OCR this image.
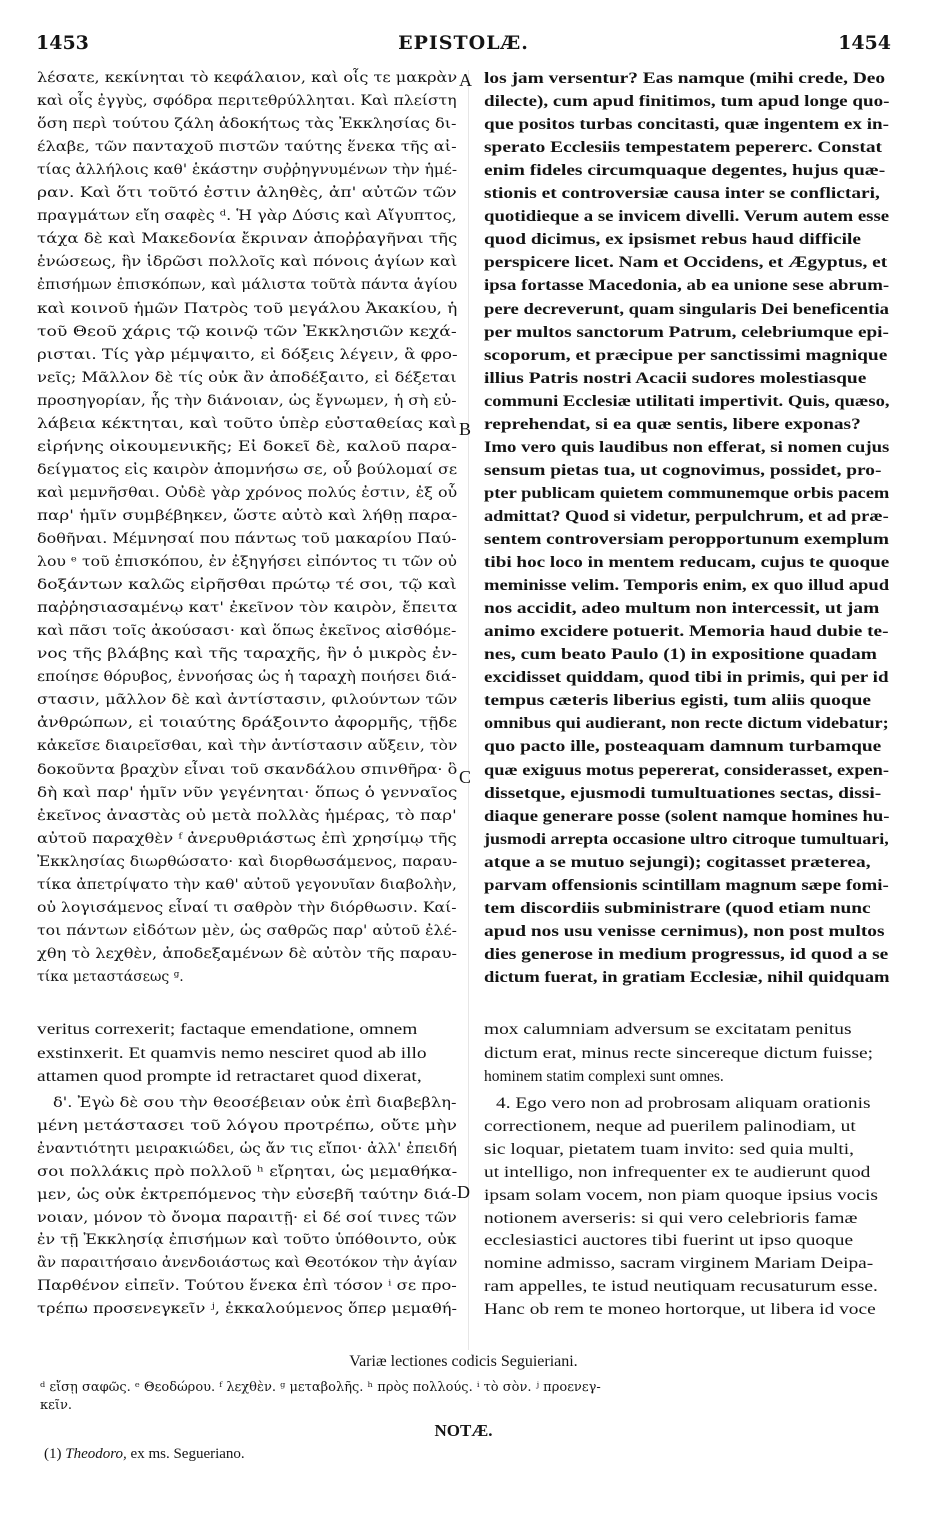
1453	EPISTOLÆ.	1454
λέσατε, κεκίνηται τὸ κεφάλαιον, καὶ οἷς τε μακρὰν
καὶ οἷς ἐγγὺς, σφόδρα περιτεθρύλληται. Καὶ πλείστη
ὅση περὶ τούτου ζάλη ἀδοκήτως τὰς Ἐκκλησίας δι-
έλαβε, τῶν πανταχοῦ πιστῶν ταύτης ἕνεκα τῆς αἰ-
τίας ἀλλήλοις καθ' ἑκάστην συῤῥηγνυμένων τὴν ἡμέ-
ραν. Καὶ ὅτι τοῦτό ἐστιν ἀληθὲς, ἀπ' αὐτῶν τῶν
πραγμάτων εἴη σαφὲς ᵈ. Ἡ γὰρ Δύσις καὶ Αἴγυπτος,
τάχα δὲ καὶ Μακεδονία ἔκριναν ἀποῤῥαγῆναι τῆς
ἑνώσεως, ἣν ἱδρῶσι πολλοῖς καὶ πόνοις ἁγίων καὶ
ἐπισήμων ἐπισκόπων, καὶ μάλιστα τοῦτὰ πάντα ἁγίου
καὶ κοινοῦ ἡμῶν Πατρὸς τοῦ μεγάλου Ἀκακίου, ἡ
τοῦ Θεοῦ χάρις τῷ κοινῷ τῶν Ἐκκλησιῶν κεχά-
ρισται. Τίς γὰρ μέμψαιτο, εἰ δόξεις λέγειν, ἃ φρο-
νεῖς; Μᾶλλον δὲ τίς οὐκ ἂν ἀποδέξαιτο, εἰ δέξεται
προσηγορίαν, ἧς τὴν διάνοιαν, ὡς ἔγνωμεν, ἡ σὴ εὐ-
λάβεια κέκτηται, καὶ τοῦτο ὑπὲρ εὐσταθείας καὶ
εἰρήνης οἰκουμενικῆς; Εἰ δοκεῖ δὲ, καλοῦ παρα-
δείγματος εἰς καιρὸν ἀπομνήσω σε, οὗ βούλομαί σε
καὶ μεμνῆσθαι. Οὐδὲ γὰρ χρόνος πολύς ἐστιν, ἐξ οὗ
παρ' ἡμῖν συμβέβηκεν, ὥστε αὐτὸ καὶ λήθῃ παρα-
δοθῆναι. Μέμνησαί που πάντως τοῦ μακαρίου Παύ-
λου ᵉ τοῦ ἐπισκόπου, ἐν ἐξηγήσει εἰπόντος τι τῶν οὐ
δοξάντων καλῶς εἰρῆσθαι πρώτῳ τέ σοι, τῷ καὶ
παῤῥησιασαμένῳ κατ' ἐκεῖνον τὸν καιρὸν, ἔπειτα
καὶ πᾶσι τοῖς ἀκούσασι· καὶ ὅπως ἐκεῖνος αἰσθόμε-
νος τῆς βλάβης καὶ τῆς ταραχῆς, ἣν ὁ μικρὸς ἐν-
εποίησε θόρυβος, ἐννοήσας ὡς ἡ ταραχὴ ποιήσει διά-
στασιν, μᾶλλον δὲ καὶ ἀντίστασιν, φιλούντων τῶν
ἀνθρώπων, εἰ τοιαύτης δράξοιντο ἀφορμῆς, τῇδε
κἀκεῖσε διαιρεῖσθαι, καὶ τὴν ἀντίστασιν αὔξειν, τὸν
δοκοῦντα βραχὺν εἶναι τοῦ σκανδάλου σπινθῆρα· ὃ
δὴ καὶ παρ' ἡμῖν νῦν γεγένηται· ὅπως ὁ γενναῖος
ἐκεῖνος ἀναστὰς οὐ μετὰ πολλὰς ἡμέρας, τὸ παρ'
αὐτοῦ παραχθὲν ᶠ ἀνερυθριάστως ἐπὶ χρησίμῳ τῆς
Ἐκκλησίας διωρθώσατο· καὶ διορθωσάμενος, παραυ-
τίκα ἀπετρίψατο τὴν καθ' αὐτοῦ γεγονυῖαν διαβολὴν,
οὐ λογισάμενος εἶναί τι σαθρὸν τὴν διόρθωσιν. Καί-
τοι πάντων εἰδότων μὲν, ὡς σαθρῶς παρ' αὐτοῦ ἐλέ-
χθη τὸ λεχθὲν, ἀποδεξαμένων δὲ αὐτὸν τῆς παραυ-
τίκα μεταστάσεως ᵍ.
los jam versentur? Eas namque (mihi crede, Deo
dilecte), cum apud finitimos, tum apud longe quo-
que positos turbas concitasti, quæ ingentem ex in-
sperato Ecclesiis tempestatem pepererc. Constat
enim fideles circumquaque degentes, hujus quæ-
stionis et controversiæ causa inter se conflictari,
quotidieque a se invicem divelli. Verum autem esse
quod dicimus, ex ipsismet rebus haud difficile
perspicere licet. Nam et Occidens, et Ægyptus, et
ipsa fortasse Macedonia, ab ea unione sese abrum-
pere decreverunt, quam singularis Dei beneficentia
per multos sanctorum Patrum, celebriumque epi-
scoporum, et præcipue per sanctissimi magnique
illius Patris nostri Acacii sudores molestiasque
communi Ecclesiæ utilitati impertivit. Quis, quæso,
reprehendat, si ea quæ sentis, libere exponas?
Imo vero quis laudibus non efferat, si nomen cujus
sensum pietas tua, ut cognovimus, possidet, pro-
pter publicam quietem communemque orbis pacem
admittat? Quod si videtur, perpulchrum, et ad præ-
sentem controversiam peropportunum exemplum
tibi hoc loco in mentem reducam, cujus te quoque
meminisse velim. Temporis enim, ex quo illud apud
nos accidit, adeo multum non intercessit, ut jam
animo excidere potuerit. Memoria haud dubie te-
nes, cum beato Paulo (1) in expositione quadam
excidisset quiddam, quod tibi in primis, qui per id
tempus cæteris liberius egisti, tum aliis quoque
omnibus qui audierant, non recte dictum videbatur;
quo pacto ille, posteaquam damnum turbamque
quæ exiguus motus pepererat, considerasset, expen-
dissetque, ejusmodi tumultuationes sectas, dissi-
diaque generare posse (solent namque homines hu-
jusmodi arrepta occasione ultro citroque tumultuari,
atque a se mutuo sejungi); cogitasset præterea,
parvam offensionis scintillam magnum sæpe fomi-
tem discordiis subministrare (quod etiam nunc
apud nos usu venisse cernimus), non post multos
dies generose in medium progressus, id quod a se
dictum fuerat, in gratiam Ecclesiæ, nihil quidquam
veritus correxerit; factaque emendatione, omnem	mox calumniam adversum se excitatam penitus
exstinxerit. Et quamvis nemo nesciret quod ab illo	dictum erat, minus recte sincereque dictum fuisse;
attamen quod prompte id retractaret quod dixerat,	hominem statim complexi sunt omnes.
δ'. Ἐγὼ δὲ σου τὴν θεοσέβειαν οὐκ ἐπὶ διαβεβλη-
μένη μετάστασει τοῦ λόγου προτρέπω, οὔτε μὴν
ἐναντιότητι μειρακιώδει, ὡς ἄν τις εἴποι· ἀλλ' ἐπειδή
σοι πολλάκις πρὸ πολλοῦ ʰ εἴρηται, ὡς μεμαθήκα-
μεν, ὡς οὐκ ἐκτρεπόμενος τὴν εὐσεβῆ ταύτην διά-
νοιαν, μόνον τὸ ὄνομα παραιτῇ· εἰ δέ σοί τινες τῶν
ἐν τῇ Ἐκκλησίᾳ ἐπισήμων καὶ τοῦτο ὑπόθοιντο, οὐκ
ἂν παραιτήσαιο ἀνενδοιάστως καὶ Θεοτόκον τὴν ἁγίαν
Παρθένον εἰπεῖν. Τούτου ἕνεκα ἐπὶ τόσον ⁱ σε προ-
τρέπω προσενεγκεῖν ʲ, ἐκκαλούμενος ὅπερ μεμαθή-
4. Ego vero non ad probrosam aliquam orationis
correctionem, neque ad puerilem palinodiam, ut
sic loquar, pietatem tuam invito: sed quia multi,
ut intelligo, non infrequenter ex te audierunt quod
ipsam solam vocem, non piam quoque ipsius vocis
notionem averseris: si qui vero celebrioris famæ
ecclesiastici auctores tibi fuerint ut ipso quoque
nomine admisso, sacram virginem Mariam Deipa-
ram appelles, te istud neutiquam recusaturum esse.
Hanc ob rem te moneo hortorque, ut libera id voce
A
B
C
D
Variæ lectiones codicis Seguieriani.
ᵈ εἴσῃ σαφῶς. ᵉ Θεοδώρου. ᶠ λεχθὲν. ᵍ μεταβολῆς. ʰ πρὸς πολλούς. ⁱ τὸ σὸν. ʲ προενεγ-
κεῖν.
NOTÆ.
(1) Theodoro, ex ms. Segueriano.
